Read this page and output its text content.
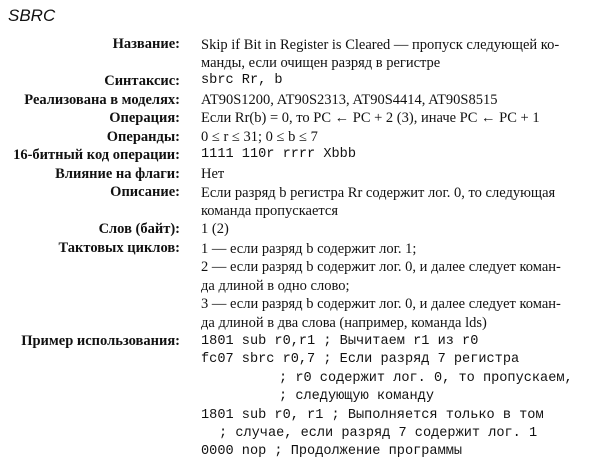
SBRC
Название: Skip if Bit in Register is Cleared — пропуск следующей ко-
манды, если очищен разряд в регистре
Синтаксис: sbrc Rr, b
Реализована в моделях: AT90S1200, AT90S2313, AT90S4414, AT90S8515
Операция: Если Rr(b) = 0, то PC ← PC + 2 (3), иначе PC ← PC + 1
Операнды: 0 ≤ r ≤ 31; 0 ≤ b ≤ 7
16-битный код операции: 1111 110r rrrr Xbbb
Влияние на флаги: Нет
Описание: Если разряд b регистра Rr содержит лог. 0, то следующая
команда пропускается
Слов (байт): 1 (2)
Тактовых циклов: 1 — если разряд b содержит лог. 1;
2 — если разряд b содержит лог. 0, и далее следует коман-
да длиной в одно слово;
3 — если разряд b содержит лог. 0, и далее следует коман-
да длиной в два слова (например, команда lds)
Пример использования: 1801 sub r0,r1 ; Вычитаем r1 из r0
fc07 sbrc r0,7 ; Если разряд 7 регистра
; r0 содержит лог. 0, то пропускаем,
; следующую команду
1801 sub r0, r1 ; Выполняется только в том
; случае, если разряд 7 содержит лог. 1
0000 nop ; Продолжение программы
